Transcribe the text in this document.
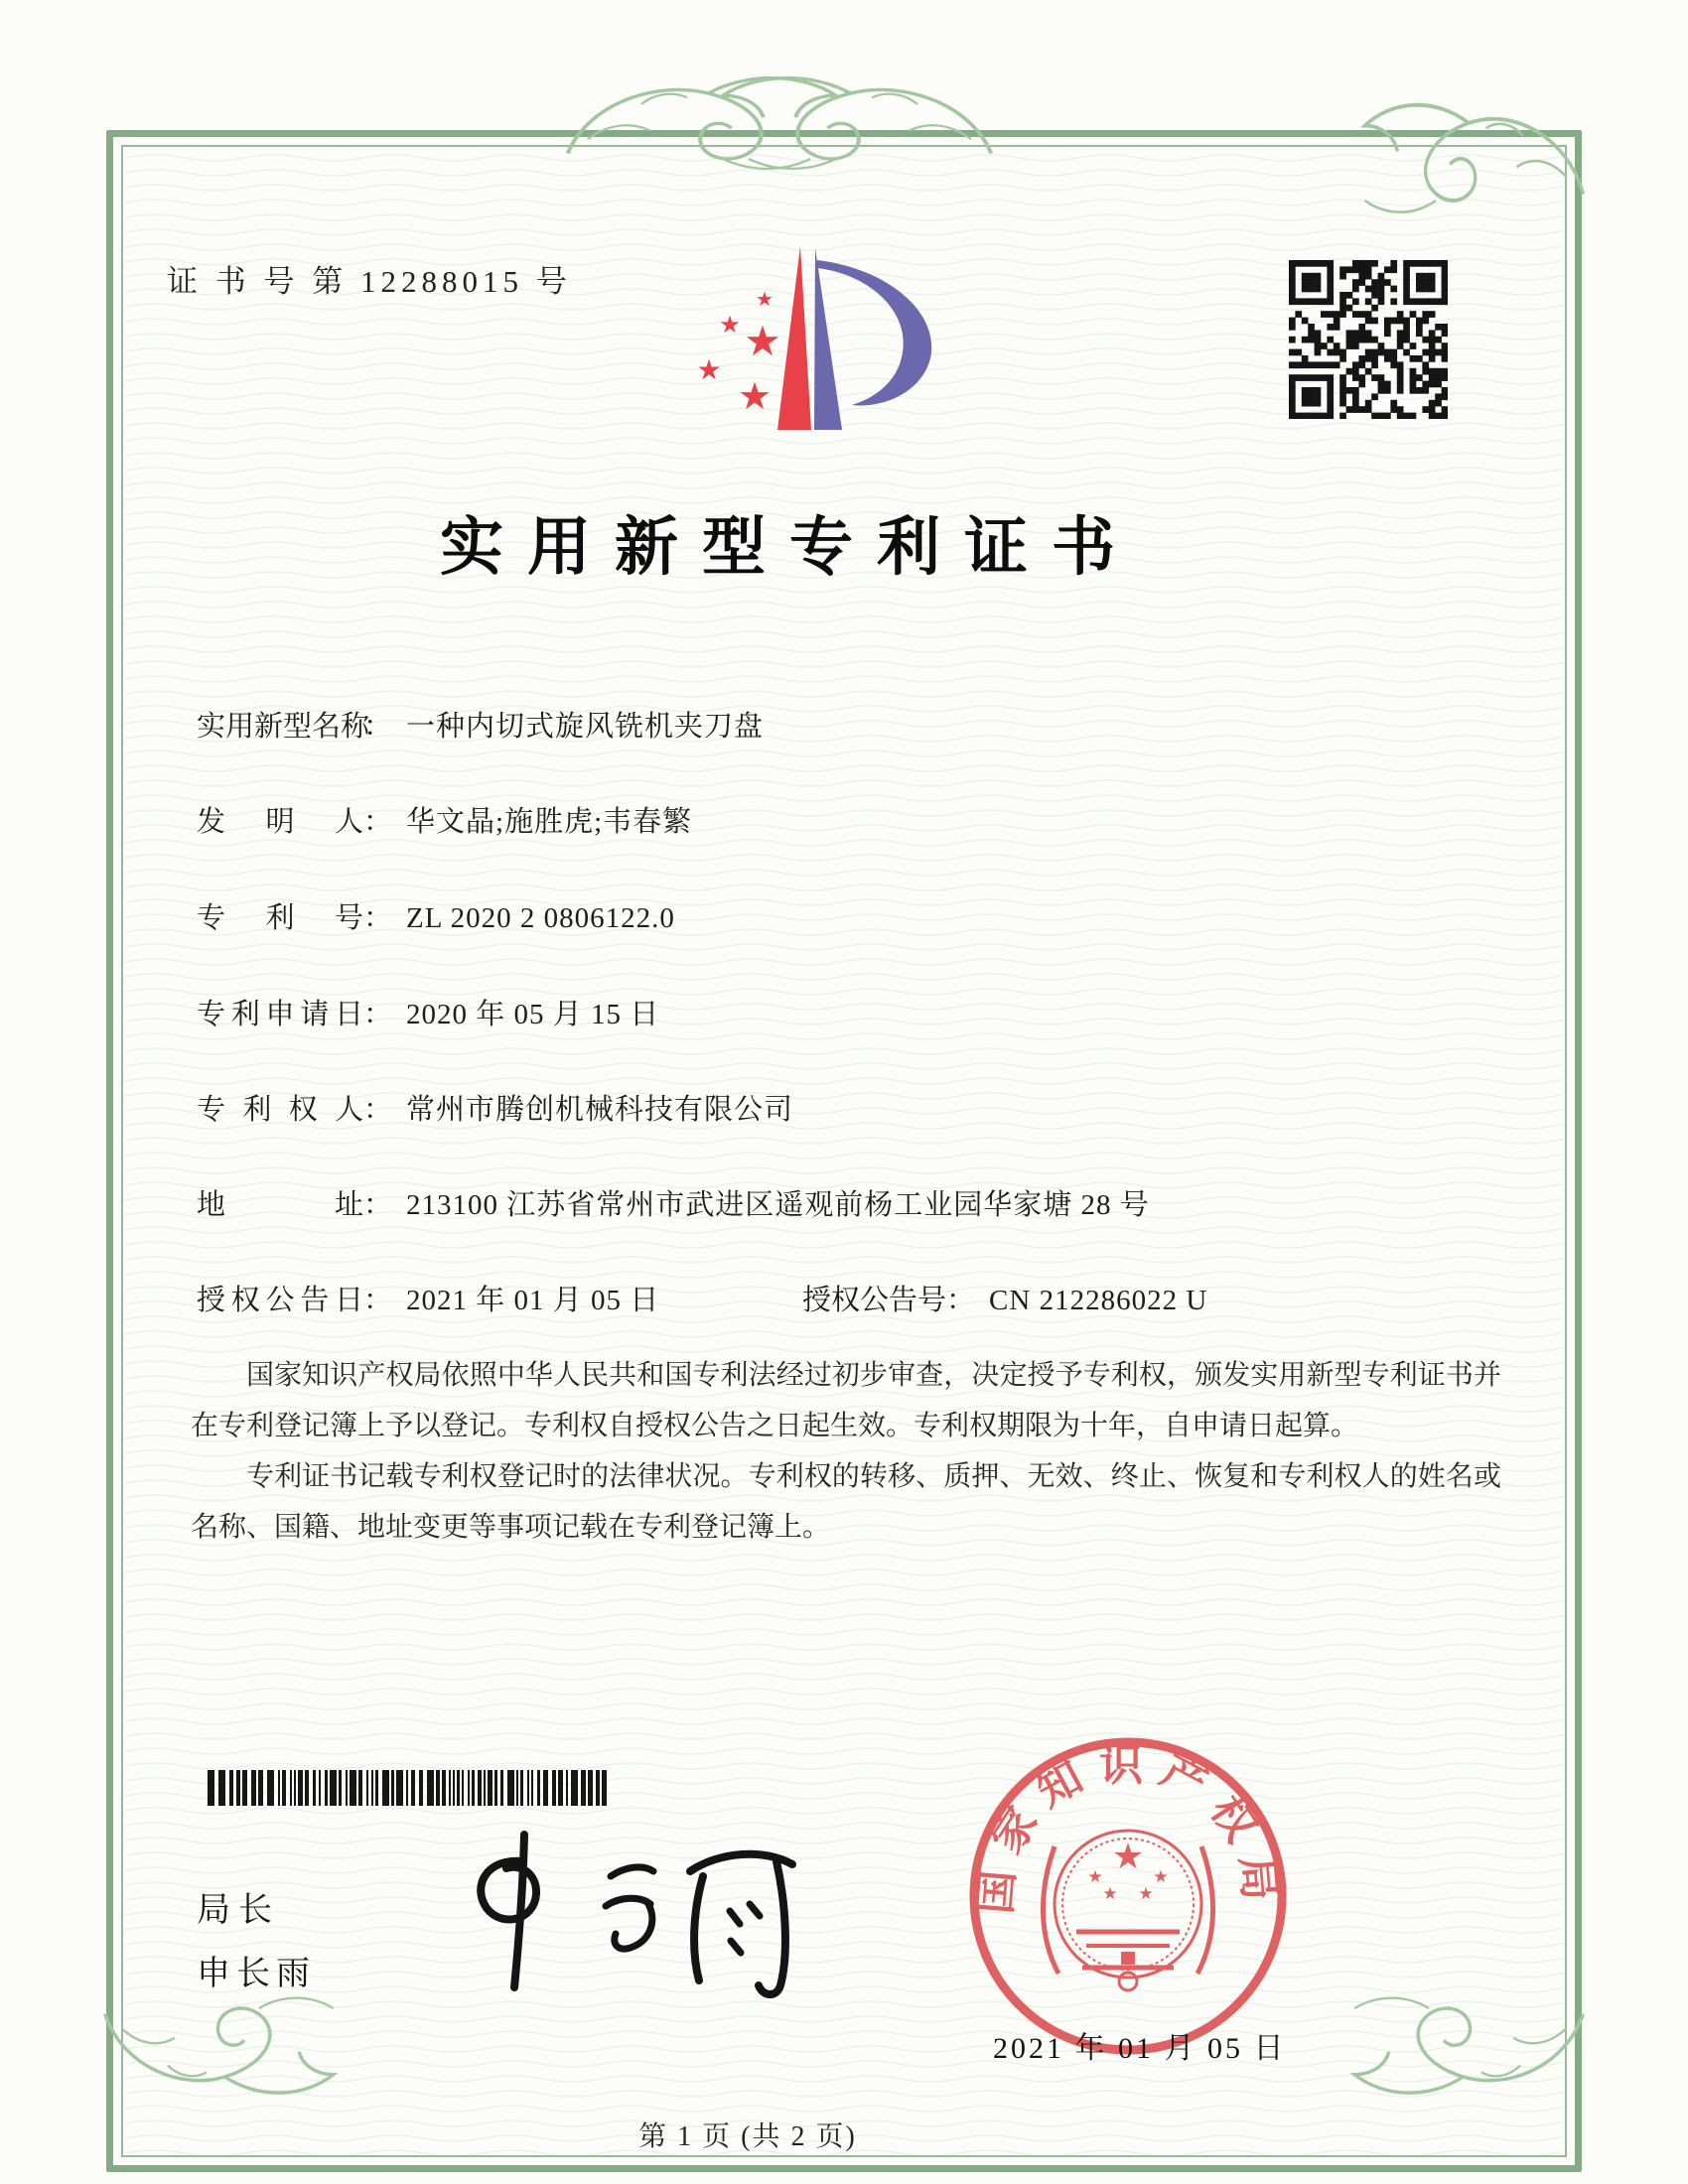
证 书 号 第 12288015 号
★
★ ★
★
★
实用新型专利证书
实用新型名称： 一种内切式旋风铣机夹刀盘
发明人： 华文晶;施胜虎;韦春繁
专利号： ZL 2020 2 0806122.0
专利申请日： 2020 年 05 月 15 日
专利权人： 常州市腾创机械科技有限公司
地址： 213100 江苏省常州市武进区遥观前杨工业园华家塘 28 号
授权公告日： 2021 年 01 月 05 日	授权公告号： CN 212286022 U

国家知识产权局依照中华人民共和国专利法经过初步审查，决定授予专利权，颁发实用新型专利证书并在专利登记簿上予以登记。专利权自授权公告之日起生效。专利权期限为十年，自申请日起算。

专利证书记载专利权登记时的法律状况。专利权的转移、质押、无效、终止、恢复和专利权人的姓名或名称、国籍、地址变更等事项记载在专利登记簿上。

局长
申长雨
国家知识产权局
★
★	★
★ ★
2021 年 01 月 05 日
第 1 页 (共 2 页)
